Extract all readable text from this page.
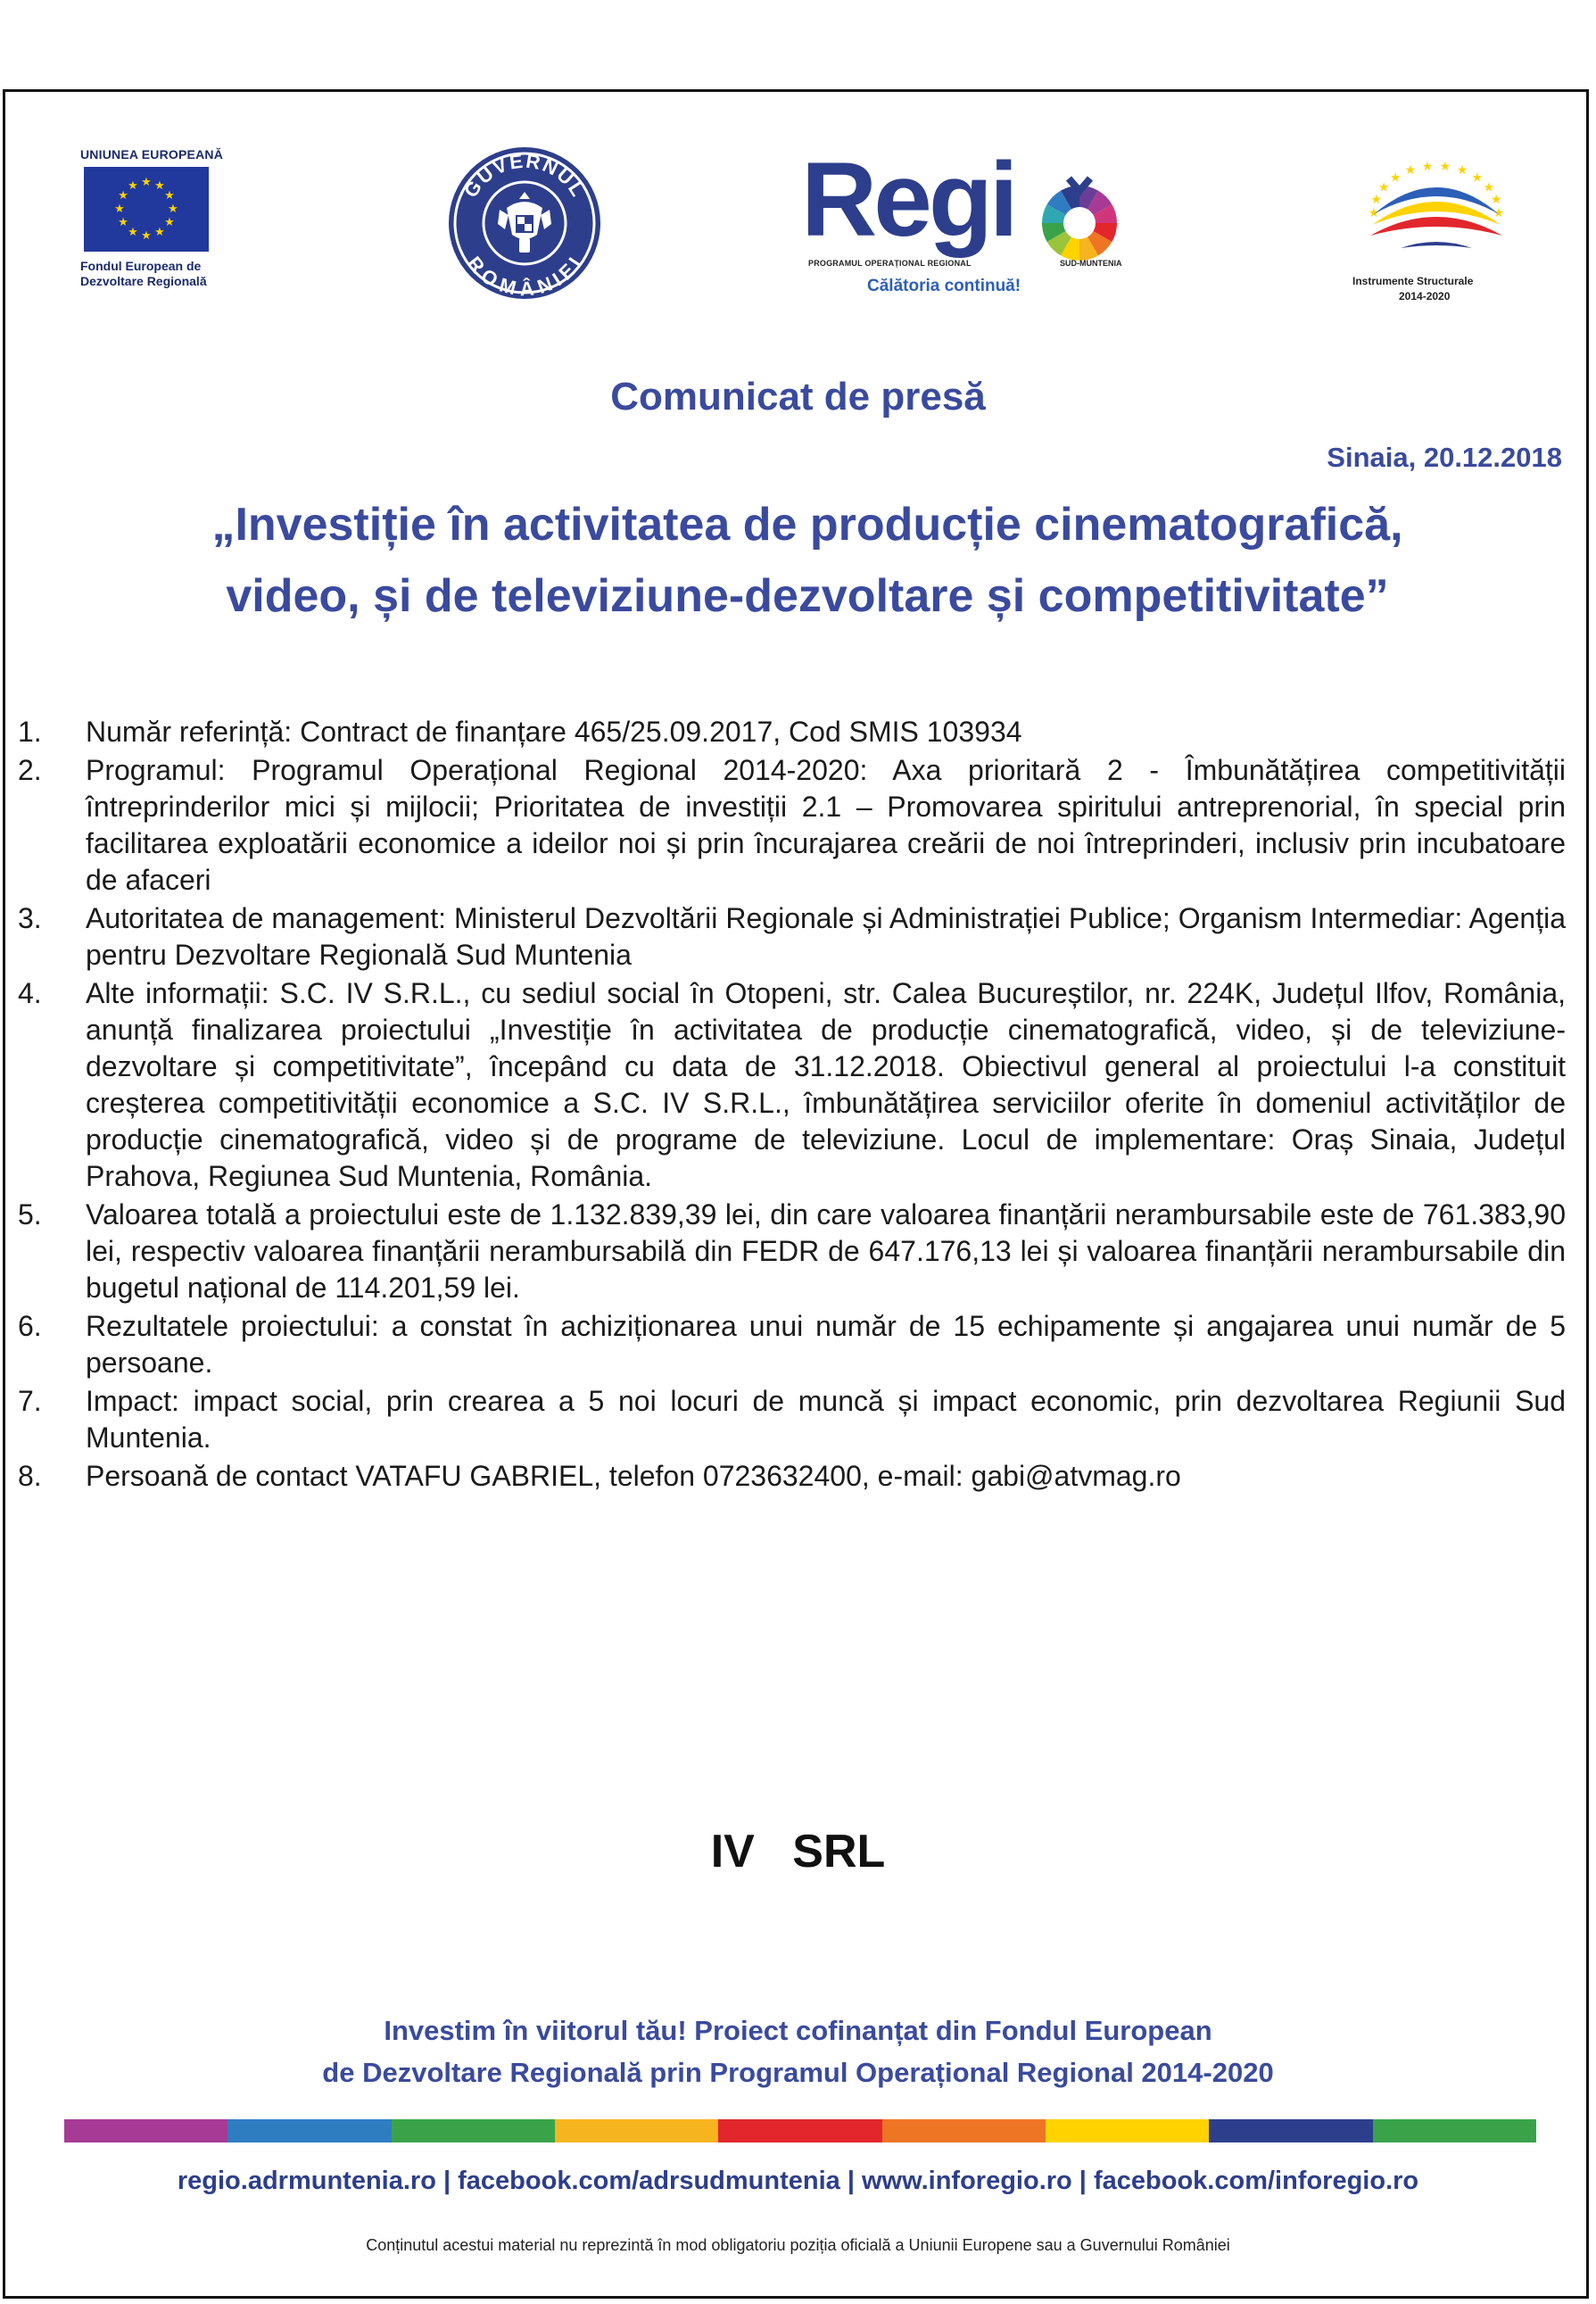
UNIUNEA EUROPEANĂ
★ ★
★
★
★
★
★
★
★
★
★
★
Fondul European de
Dezvoltare Regională
GUVERNUL
ROMÂNIEI
Regi
PROGRAMUL OPERAȚIONAL REGIONAL	SUD-MUNTENIA
Călătoria continuă!
★
★
★
★
★ ★ ★ ★
★
★
★
★
Instrumente Structurale
2014-2020
Comunicat de presă
Sinaia, 20.12.2018
„Investiție în activitatea de producție cinematografică,
video, și de televiziune-dezvoltare și competitivitate”
1. Număr referință: Contract de finanțare 465/25.09.2017, Cod SMIS 103934
2. Programul: Programul Operațional Regional 2014-2020: Axa prioritară 2 - Îmbunătățirea competitivității întreprinderilor mici și mijlocii; Prioritatea de investiții 2.1 – Promovarea spiritului antreprenorial, în special prin facilitarea exploatării economice a ideilor noi și prin încurajarea creării de noi întreprinderi, inclusiv prin incubatoare de afaceri
3. Autoritatea de management: Ministerul Dezvoltării Regionale și Administrației Publice; Organism Intermediar: Agenția pentru Dezvoltare Regională Sud Muntenia
4. Alte informații: S.C. IV S.R.L., cu sediul social în Otopeni, str. Calea Bucureștilor, nr. 224K, Județul Ilfov, România, anunță finalizarea proiectului „Investiție în activitatea de producție cinematografică, video, și de televiziune-dezvoltare și competitivitate”, începând cu data de 31.12.2018. Obiectivul general al proiectului l-a constituit creșterea competitivității economice a S.C. IV S.R.L., îmbunătățirea serviciilor oferite în domeniul activităților de producție cinematografică, video și de programe de televiziune. Locul de implementare: Oraș Sinaia, Județul Prahova, Regiunea Sud Muntenia, România.
5. Valoarea totală a proiectului este de 1.132.839,39 lei, din care valoarea finanțării nerambursabile este de 761.383,90 lei, respectiv valoarea finanțării nerambursabilă din FEDR de 647.176,13 lei și valoarea finanțării nerambursabile din bugetul național de 114.201,59 lei.
6. Rezultatele proiectului: a constat în achiziționarea unui număr de 15 echipamente și angajarea unui număr de 5 persoane.
7. Impact: impact social, prin crearea a 5 noi locuri de muncă și impact economic, prin dezvoltarea Regiunii Sud Muntenia.
8. Persoană de contact VATAFU GABRIEL, telefon 0723632400, e-mail: gabi@atvmag.ro
IV SRL
Investim în viitorul tău! Proiect cofinanțat din Fondul European
de Dezvoltare Regională prin Programul Operațional Regional 2014-2020
regio.adrmuntenia.ro | facebook.com/adrsudmuntenia | www.inforegio.ro | facebook.com/inforegio.ro
Conținutul acestui material nu reprezintă în mod obligatoriu poziția oficială a Uniunii Europene sau a Guvernului României
